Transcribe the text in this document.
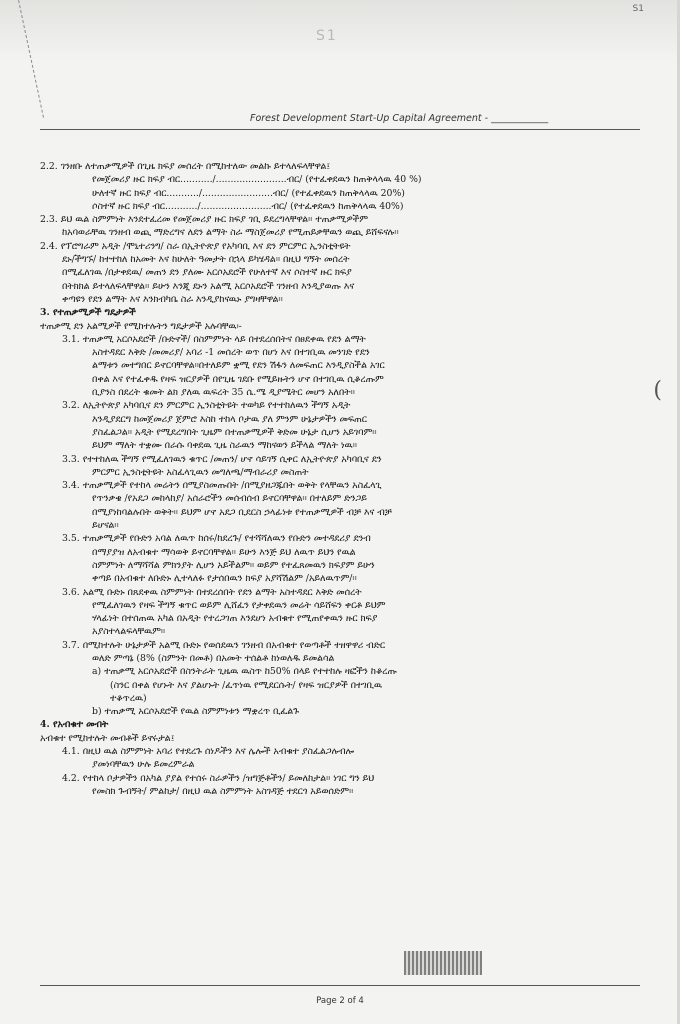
S1
S1
Forest Development Start-Up Capital Agreement - ____________
2.2. ገንዘቡ ለተጠቃሚዎች በጊዜ ክፍያ መሰረት በሚከተለው መልኩ ይተላለፍላቸዋል፤
የመጀመሪያ ዙር ክፍያ ብር.........../........................ብር/ (የተፈቀደዉን ከጠቅላላዉ 40 %)
ሁለተኛ ዙር ክፍያ ብር.........../........................ብር/ (የተፈቀደዉን ከጠቅላላዉ 20%)
ሶስተኛ ዙር ክፍያ ብር.........../........................ብር/ (የተፈቀደዉን ከጠቅላላዉ 40%)
2.3. ይህ ዉል ስምምነት እንደተፈረመ የመጀመሪያ ዙር ክፍያ ገቢ ይደረግላቸዋል። ተጠቃሚዎችም
ከአባወራቸዉ ገንዘብ ወጪ ማድረግና ለደን ልማት ስራ ማስጀመሪያ የሚጠይቃቸዉን ወጪ ይሸፍናሉ።
2.4. የፕሮግራም አዲት /ሞኒተሪንግ/ ስራ በኢትዮጵያ የአካባቢ እና ደን ምርምር ኢንስቲትዩት
ደኑ/ችግኙ/ ከተተከለ ከአመት እና ከሁለት ዓመታት በኋላ ይካሄዳል። በዚህ ግኝት መሰረት
በሚፈለገዉ /በታቀደዉ/ መጠን ደን ያለሙ አርሶአደሮች የሁለተኛ እና ሶስተኛ ዙር ክፍያ
በትክክል ይተላለፍላቸዋል። ይሁን እንጂ ደኑን አልሚ አርሶአደሮች ገንዘብ እንዲያወጡ እና
ቀጣዩን የደን ልማት እና እንክብካቤ ስራ እንዲያከናዉኑ ያግዛቸዋል።
3. የተጠቃሚዎች ግዴታዎች
ተጠቃሚ ደን አልሚዎች የሚከተሉትን ግዴታዎች አሉባቸዉ፡-
3.1. ተጠቃሚ አርሶአደሮች /ቡድኖች/ በስምምነት ላይ በተደረሰበትና በፀደቀዉ የደን ልማት
አስተዳደር እቅድ /መመሪያ/ አባሪ -1 መሰረት ወጥ በሆነ እና በተገቢዉ መንገድ የደን
ልማቱን መተግበር ይኖርባቸዋል።በተለይም ቋሚ የደን ሽፋን ለመፍጠር እንዲያስችል አገር
በቀል እና የተፈቀዱ የዛፍ ዝርያዎች በየጊዜ ገደቡ የሚይዙትን ሆኖ በተገቢዉ ሲቆረጡም
ቢያንስ በደረት ቁመት ልክ ያለዉ ዉፍረት 35 ሴ.ሜ ዲያሜትር መሆን አለበት።
3.2. ለኢትዮጵያ አካባቢና ደን ምርምር ኢንስቲትዩት ተወካይ የተተከለዉን ችግኝ አዲት
እንዲያደርግ ከመጀመሪያ ጀምሮ እስከ ተከላ ቦታዉ ያለ ምንም ሁኔታዎችን መፍጠር
ያስፈልጋል። አዲት የሚደረግበት ጊዜም በተጠቃሚዎች ቅድመ ሁኔታ ሲሆን አይገባም።
ይህም ማለት ተቋሙ በራሱ ባቀደዉ ጊዜ ስራዉን ማከናወን ይችላል ማለት ነዉ።
3.3. የተተከለዉ ችግኝ የሚፈለገዉን ቁጥር /መጠን/ ሆኖ ሳይገኝ ሲቀር ለኢትዮጵያ አካባቢና ደን
ምርምር ኢንስቲትዩት አስፈላጊዉን መግለጫ/ማብራሪያ መስጠት
3.4. ተጠቃሚዎች የተከላ መሬትን በሚያስመጡበት /በሚያዘጋጁበት ወቅት የላቸዉን አስፈላጊ
የጥንቃቄ /የአደጋ መከላከያ/ አሰራሮችን መሰብሰብ ይኖርባቸዋል። በተለይም ድንጋይ
በሚያነከባልሉበት ወቅት። ይህም ሆኖ አደጋ ቢደርስ ኃላፊነቱ የተጠቃሚዎች ብቻ እና ብቻ
ይሆናል።
3.5. ተጠቃሚዎች የቡድን አባል ለዉጥ ከሰሩ/ከደረጉ/ የተሻሻለዉን የቡድን መተዳደሪያ ደንብ
በማያያዝ ለአብቁተ ማሳወቅ ይኖርባቸዋል። ይሁን እንጅ ይህ ለዉጥ ይህን የዉል
ስምምነት ለማሻሻል ምክንያት ሊሆን አይችልም። ወይም የተፈጸመዉን ክፍያም ይሁን
ቀጣይ በአብቁተ ለቡድኑ ሊተላለፉ የታሰበዉን ክፍያ አያሻሽልም /አይለዉጥም/።
3.6. አልሚ ቡድኑ በጸደቀዉ ስምምነት በተደረሰበት የደን ልማት አስተዳደር እቅድ መሰረት
የሚፈለገዉን የዛፍ ችግኝ ቁጥር ወይም ሊሸፈን የታቀደዉን መሬት ሳይሸፍን ቀርቶ ይህም
ሃላፊነት በተሰጠዉ አካል በአዲት የተረጋገጠ እንደሆነ አብቁተ የሚጠየቀዉን ዙር ክፍያ
አያስተላልፍላቸዉም።
3.7. በሚከተሉት ሁኔታዎች አልሚ ቡድኑ የወሰደዉን ገንዘብ በአብቁተ የወጣቶች ተዘዋዋሪ ብድር
ወለድ ምጣኔ (8% (ስምንት በመቶ) በአመት ተሰልቶ ከነወለዱ ይመልሳል
a) ተጠቃሚ አርሶአደሮች በስንትራት ጊዜዉ ዉስጥ ከ50% በላይ የተተከሉ ዛፎችን ከቆረጡ
(ስንር በቀል የሆኑት እና ያልሆኑት /ፈጥነዉ የሚደርሱት/ የዛፍ ዝርያዎች በተገቢዉ
ተቆጥረዉ)
b) ተጠቃሚ አርሶአደሮች የዉል ስምምነቱን ማቋረጥ ቢፈልጉ
4. የአብቁተ መብት
አብቁተ የሚከተሉት መብቶች ይኖሩታል፤
4.1. በዚህ ዉል ስምምነት አባሪ የተደረጉ ሰነዶችን እና ሌሎች አብቁተ ያስፈልጋሉብሎ
ያመነባቸዉን ሁሉ ይመረምራል
4.2. የተከላ ቦታዎችን በአካል ያያል የተሰሩ ስራዎችን /ዝግጅቶችን/ ይመለከታል። ነገር ግን ይህ
የመስክ ጉብኝት/ ምልከታ/ በዚህ ዉል ስምምነት አስገዳጅ ተደርጎ አይወሰድም።
(
Page 2 of 4
